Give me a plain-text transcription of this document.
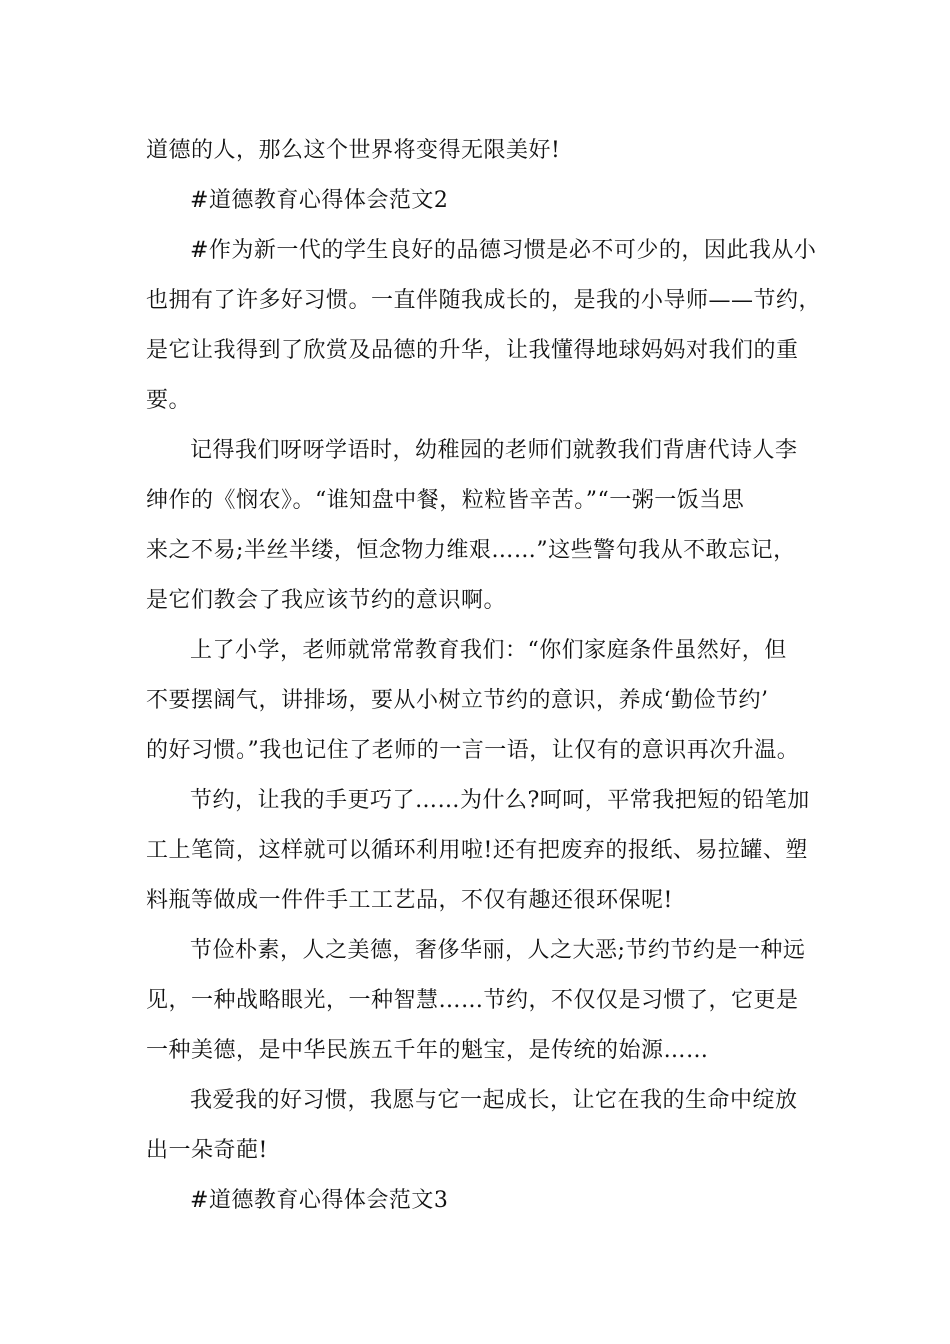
道德的人，那么这个世界将变得无限美好!
#道德教育心得体会范文2
#作为新一代的学生良好的品德习惯是必不可少的，因此我从小
也拥有了许多好习惯。一直伴随我成长的，是我的小导师——节约，
是它让我得到了欣赏及品德的升华，让我懂得地球妈妈对我们的重
要。
记得我们呀呀学语时，幼稚园的老师们就教我们背唐代诗人李
绅作的《悯农》。“谁知盘中餐，粒粒皆辛苦。”“一粥一饭当思
来之不易;半丝半缕，恒念物力维艰……”这些警句我从不敢忘记，
是它们教会了我应该节约的意识啊。
上了小学，老师就常常教育我们：“你们家庭条件虽然好，但
不要摆阔气，讲排场，要从小树立节约的意识，养成‘勤俭节约’
的好习惯。”我也记住了老师的一言一语，让仅有的意识再次升温。
节约，让我的手更巧了……为什么?呵呵，平常我把短的铅笔加
工上笔筒，这样就可以循环利用啦!还有把废弃的报纸、易拉罐、塑
料瓶等做成一件件手工工艺品，不仅有趣还很环保呢!
节俭朴素，人之美德，奢侈华丽，人之大恶;节约节约是一种远
见，一种战略眼光，一种智慧……节约，不仅仅是习惯了，它更是
一种美德，是中华民族五千年的魁宝，是传统的始源……
我爱我的好习惯，我愿与它一起成长，让它在我的生命中绽放
出一朵奇葩!
#道德教育心得体会范文3
